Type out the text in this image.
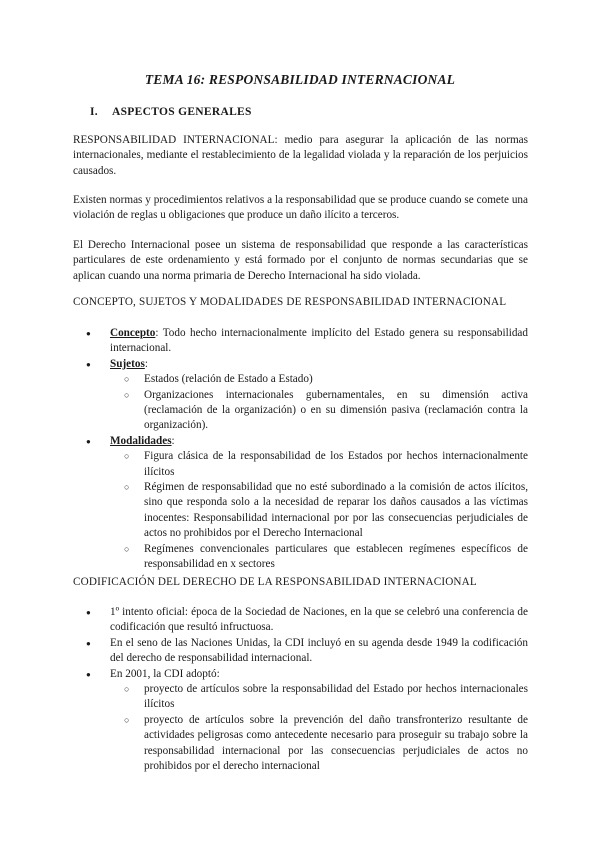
TEMA 16: RESPONSABILIDAD INTERNACIONAL
I. ASPECTOS GENERALES
RESPONSABILIDAD INTERNACIONAL: medio para asegurar la aplicación de las normas internacionales, mediante el restablecimiento de la legalidad violada y la reparación de los perjuicios causados.
Existen normas y procedimientos relativos a la responsabilidad que se produce cuando se comete una violación de reglas u obligaciones que produce un daño ilícito a terceros.
El Derecho Internacional posee un sistema de responsabilidad que responde a las características particulares de este ordenamiento y está formado por el conjunto de normas secundarias que se aplican cuando una norma primaria de Derecho Internacional ha sido violada.
CONCEPTO, SUJETOS Y MODALIDADES DE RESPONSABILIDAD INTERNACIONAL
● Concepto: Todo hecho internacionalmente implícito del Estado genera su responsabilidad internacional.
● Sujetos:
○ Estados (relación de Estado a Estado)
○ Organizaciones internacionales gubernamentales, en su dimensión activa (reclamación de la organización) o en su dimensión pasiva (reclamación contra la organización).
● Modalidades:
○ Figura clásica de la responsabilidad de los Estados por hechos internacionalmente ilícitos
○ Régimen de responsabilidad que no esté subordinado a la comisión de actos ilícitos, sino que responda solo a la necesidad de reparar los daños causados a las víctimas inocentes: Responsabilidad internacional por por las consecuencias perjudiciales de actos no prohibidos por el Derecho Internacional
○ Regímenes convencionales particulares que establecen regímenes específicos de responsabilidad en x sectores
CODIFICACIÓN DEL DERECHO DE LA RESPONSABILIDAD INTERNACIONAL
● 1º intento oficial: época de la Sociedad de Naciones, en la que se celebró una conferencia de codificación que resultó infructuosa.
● En el seno de las Naciones Unidas, la CDI incluyó en su agenda desde 1949 la codificación del derecho de responsabilidad internacional.
● En 2001, la CDI adoptó:
○ proyecto de artículos sobre la responsabilidad del Estado por hechos internacionales ilícitos
○ proyecto de artículos sobre la prevención del daño transfronterizo resultante de actividades peligrosas como antecedente necesario para proseguir su trabajo sobre la responsabilidad internacional por las consecuencias perjudiciales de actos no prohibidos por el derecho internacional
